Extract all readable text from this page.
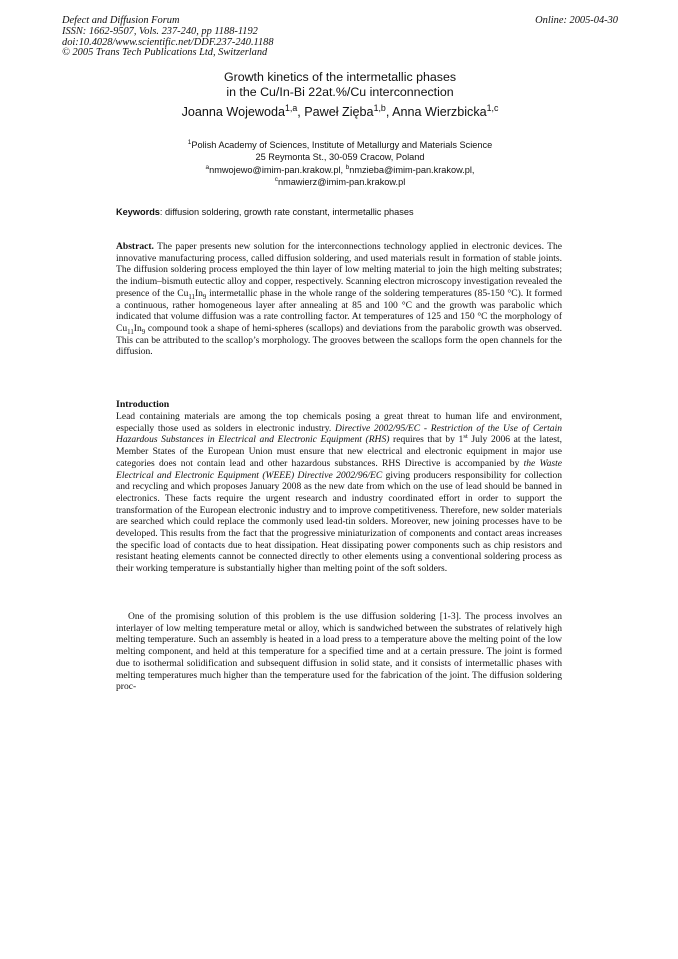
Defect and Diffusion Forum
ISSN: 1662-9507, Vols. 237-240, pp 1188-1192
doi:10.4028/www.scientific.net/DDF.237-240.1188
© 2005 Trans Tech Publications Ltd, Switzerland
Online: 2005-04-30
Growth kinetics of the intermetallic phases
in the Cu/In-Bi 22at.%/Cu interconnection
Joanna Wojewoda$^{1,a}$, Paweł Zięba$^{1,b}$, Anna Wierzbicka$^{1,c}$
$^1$Polish Academy of Sciences, Institute of Metallurgy and Materials Science
25 Reymonta St., 30-059 Cracow, Poland
$^a$nmwojewo@imim-pan.krakow.pl, $^b$nmzieba@imim-pan.krakow.pl,
$^c$nmawierz@imim-pan.krakow.pl
Keywords: diffusion soldering, growth rate constant, intermetallic phases

Abstract. The paper presents new solution for the interconnections technology applied in electronic devices. The innovative manufacturing process, called diffusion soldering, and used materials result in formation of stable joints. The diffusion soldering process employed the thin layer of low melting material to join the high melting substrates; the indium–bismuth eutectic alloy and copper, respectively. Scanning electron microscopy investigation revealed the presence of the $Cu_{11}In_9$ intermetallic phase in the whole range of the soldering temperatures (85-150 °C). It formed a continuous, rather homogeneous layer after annealing at 85 and 100 °C and the growth was parabolic which indicated that volume diffusion was a rate controlling factor. At temperatures of 125 and 150 °C the morphology of $Cu_{11}In_9$ compound took a shape of hemi-spheres (scallops) and deviations from the parabolic growth was observed. This can be attributed to the scallop’s morphology. The grooves between the scallops form the open channels for the diffusion.

Introduction

Lead containing materials are among the top chemicals posing a great threat to human life and environment, especially those used as solders in electronic industry. Directive 2002/95/EC - Restriction of the Use of Certain Hazardous Substances in Electrical and Electronic Equipment (RHS) requires that by 1st July 2006 at the latest, Member States of the European Union must ensure that new electrical and electronic equipment in major use categories does not contain lead and other hazardous substances. RHS Directive is accompanied by the Waste Electrical and Electronic Equipment (WEEE) Directive 2002/96/EC giving producers responsibility for collection and recycling and which proposes January 2008 as the new date from which on the use of lead should be banned in electronics. These facts require the urgent research and industry coordinated effort in order to support the transformation of the European electronic industry and to improve competitiveness. Therefore, new solder materials are searched which could replace the commonly used lead-tin solders. Moreover, new joining processes have to be developed. This results from the fact that the progressive miniaturization of components and contact areas increases the specific load of contacts due to heat dissipation. Heat dissipating power components such as chip resistors and resistant heating elements cannot be connected directly to other elements using a conventional soldering process as their working temperature is substantially higher than melting point of the soft solders.

One of the promising solution of this problem is the use diffusion soldering [1-3]. The process involves an interlayer of low melting temperature metal or alloy, which is sandwiched between the substrates of relatively high melting temperature. Such an assembly is heated in a load press to a temperature above the melting point of the low melting component, and held at this temperature for a specified time and at a certain pressure. The joint is formed due to isothermal solidification and subsequent diffusion in solid state, and it consists of intermetallic phases with melting temperatures much higher than the temperature used for the fabrication of the joint. The diffusion soldering proc-
